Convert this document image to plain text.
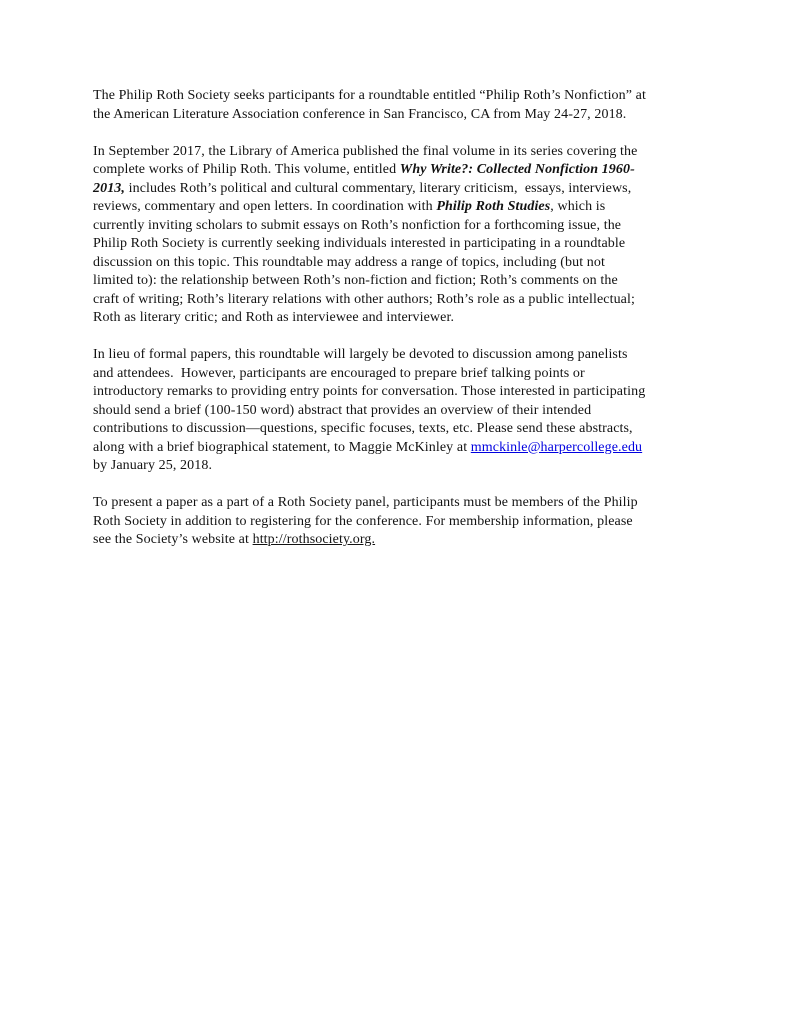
The Philip Roth Society seeks participants for a roundtable entitled “Philip Roth’s Nonfiction” at
the American Literature Association conference in San Francisco, CA from May 24-27, 2018.
In September 2017, the Library of America published the final volume in its series covering the
complete works of Philip Roth. This volume, entitled Why Write?: Collected Nonfiction 1960-
2013, includes Roth’s political and cultural commentary, literary criticism,  essays, interviews,
reviews, commentary and open letters. In coordination with Philip Roth Studies, which is
currently inviting scholars to submit essays on Roth’s nonfiction for a forthcoming issue, the
Philip Roth Society is currently seeking individuals interested in participating in a roundtable
discussion on this topic. This roundtable may address a range of topics, including (but not
limited to): the relationship between Roth’s non-fiction and fiction; Roth’s comments on the
craft of writing; Roth’s literary relations with other authors; Roth’s role as a public intellectual;
Roth as literary critic; and Roth as interviewee and interviewer.
In lieu of formal papers, this roundtable will largely be devoted to discussion among panelists
and attendees.  However, participants are encouraged to prepare brief talking points or
introductory remarks to providing entry points for conversation. Those interested in participating
should send a brief (100-150 word) abstract that provides an overview of their intended
contributions to discussion—questions, specific focuses, texts, etc. Please send these abstracts,
along with a brief biographical statement, to Maggie McKinley at mmckinle@harpercollege.edu
by January 25, 2018.
To present a paper as a part of a Roth Society panel, participants must be members of the Philip
Roth Society in addition to registering for the conference. For membership information, please
see the Society’s website at http://rothsociety.org.
